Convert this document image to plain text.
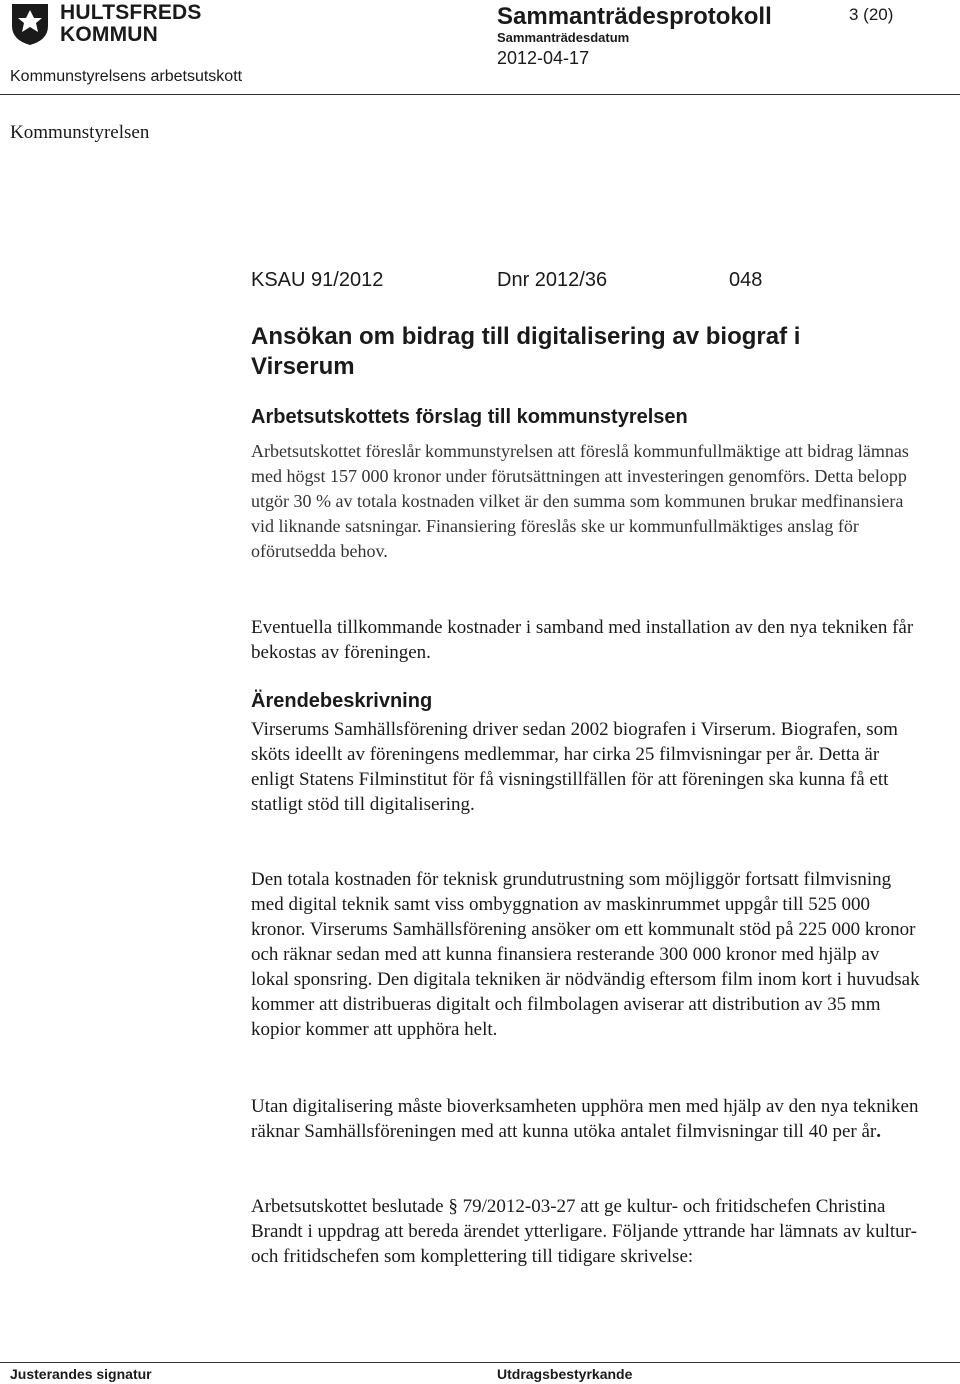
HULTSFREDS
KOMMUN
Sammanträdesprotokoll	3 (20)
Sammanträdesdatum
2012-04-17
Kommunstyrelsens arbetsutskott
Kommunstyrelsen
KSAU 91/2012	Dnr 2012/36	048
Ansökan om bidrag till digitalisering av biograf i Virserum
Arbetsutskottets förslag till kommunstyrelsen
Arbetsutskottet föreslår kommunstyrelsen att föreslå kommunfullmäktige att bidrag lämnas med högst 157 000 kronor under förutsättningen att investeringen genomförs. Detta belopp utgör 30 % av totala kostnaden vilket är den summa som kommunen brukar medfinansiera vid liknande satsningar. Finansiering föreslås ske ur kommunfullmäktiges anslag för oförutsedda behov.
Eventuella tillkommande kostnader i samband med installation av den nya tekniken får bekostas av föreningen.
Ärendebeskrivning
Virserums Samhällsförening driver sedan 2002 biografen i Virserum. Biografen, som sköts ideellt av föreningens medlemmar, har cirka 25 filmvisningar per år. Detta är enligt Statens Filminstitut för få visningstillfällen för att föreningen ska kunna få ett statligt stöd till digitalisering.
Den totala kostnaden för teknisk grundutrustning som möjliggör fortsatt filmvisning med digital teknik samt viss ombyggnation av maskinrummet uppgår till 525 000 kronor. Virserums Samhällsförening ansöker om ett kommunalt stöd på 225 000 kronor och räknar sedan med att kunna finansiera resterande 300 000 kronor med hjälp av lokal sponsring. Den digitala tekniken är nödvändig eftersom film inom kort i huvudsak kommer att distribueras digitalt och filmbolagen aviserar att distribution av 35 mm kopior kommer att upphöra helt.
Utan digitalisering måste bioverksamheten upphöra men med hjälp av den nya tekniken räknar Samhällsföreningen med att kunna utöka antalet filmvisningar till 40 per år.
Arbetsutskottet beslutade § 79/2012-03-27 att ge kultur- och fritidschefen Christina Brandt i uppdrag att bereda ärendet ytterligare. Följande yttrande har lämnats av kultur- och fritidschefen som komplettering till tidigare skrivelse:
Justerandes signatur	Utdragsbestyrkande
